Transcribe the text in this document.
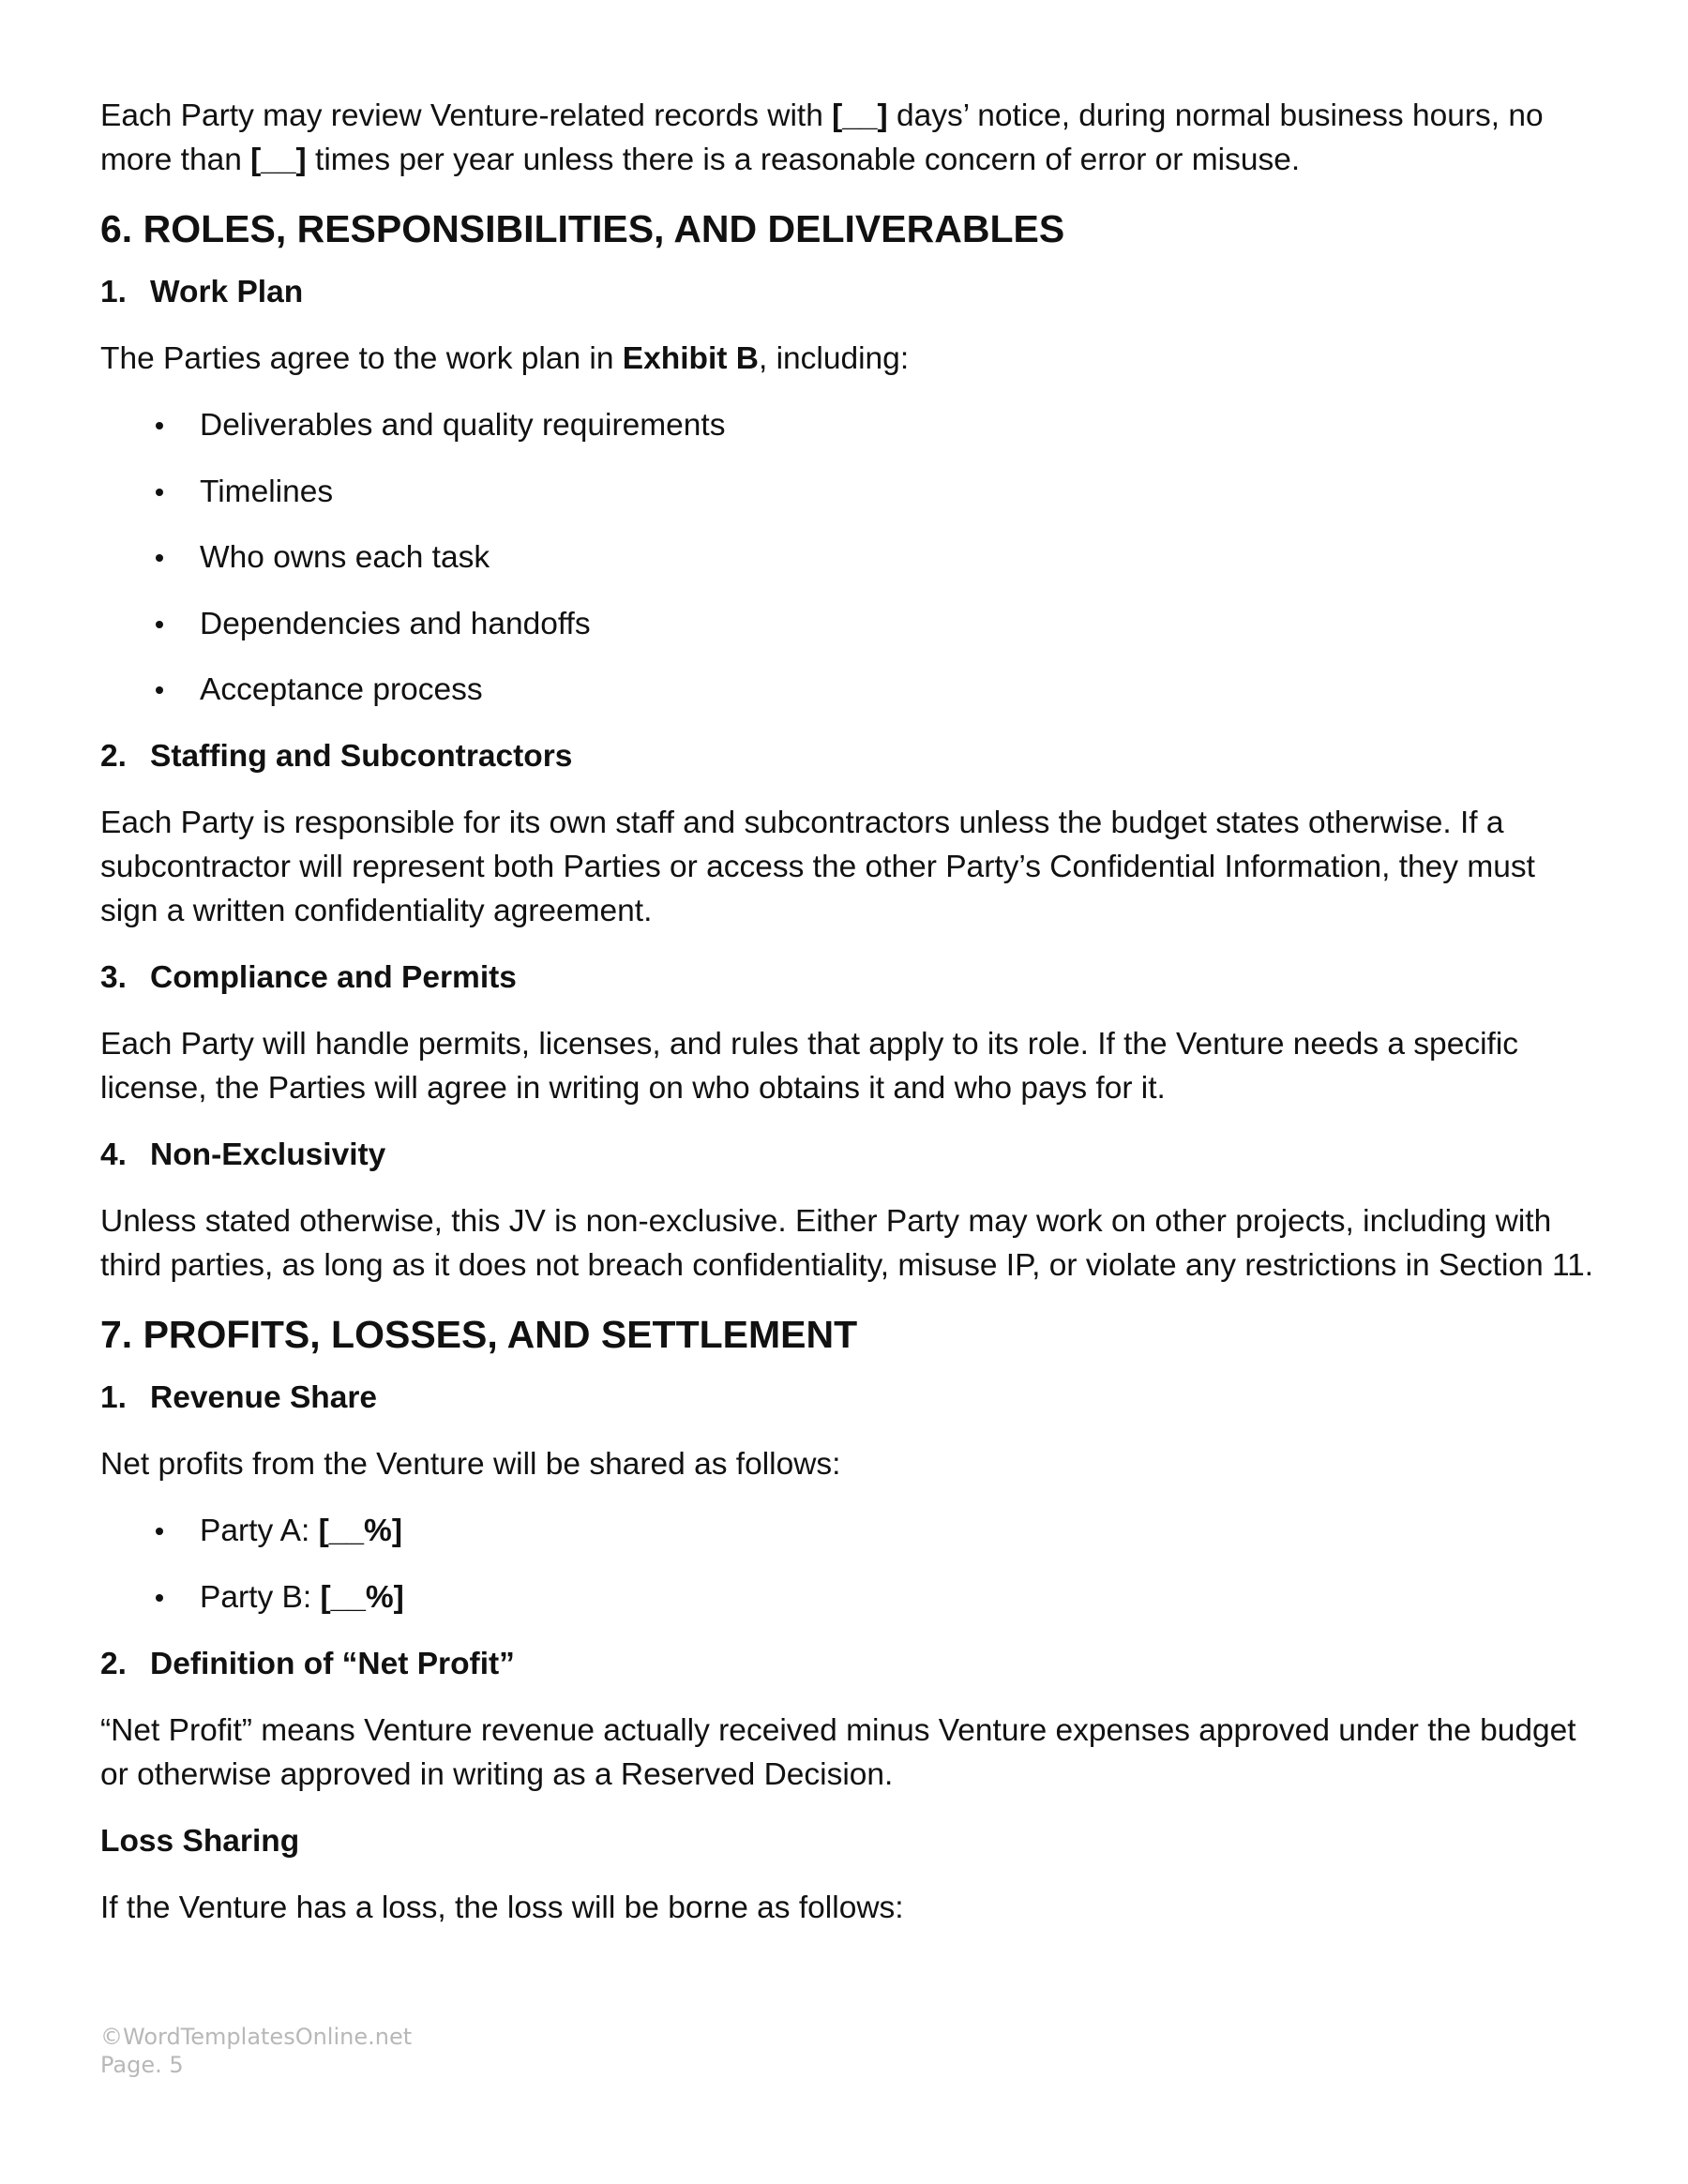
Each Party may review Venture-related records with [__] days’ notice, during normal business hours, no more than [__] times per year unless there is a reasonable concern of error or misuse.

6. ROLES, RESPONSIBILITIES, AND DELIVERABLES
1. Work Plan

The Parties agree to the work plan in Exhibit B, including:

Deliverables and quality requirements
Timelines
Who owns each task
Dependencies and handoffs
Acceptance process
2. Staffing and Subcontractors

Each Party is responsible for its own staff and subcontractors unless the budget states otherwise. If a subcontractor will represent both Parties or access the other Party’s Confidential Information, they must sign a written confidentiality agreement.

3. Compliance and Permits

Each Party will handle permits, licenses, and rules that apply to its role. If the Venture needs a specific license, the Parties will agree in writing on who obtains it and who pays for it.

4. Non-Exclusivity

Unless stated otherwise, this JV is non-exclusive. Either Party may work on other projects, including with third parties, as long as it does not breach confidentiality, misuse IP, or violate any restrictions in Section 11.

7. PROFITS, LOSSES, AND SETTLEMENT
1. Revenue Share

Net profits from the Venture will be shared as follows:

Party A: [__%]
Party B: [__%]
2. Definition of “Net Profit”

“Net Profit” means Venture revenue actually received minus Venture expenses approved under the budget or otherwise approved in writing as a Reserved Decision.

Loss Sharing

If the Venture has a loss, the loss will be borne as follows:

©WordTemplatesOnline.net
Page. 5
